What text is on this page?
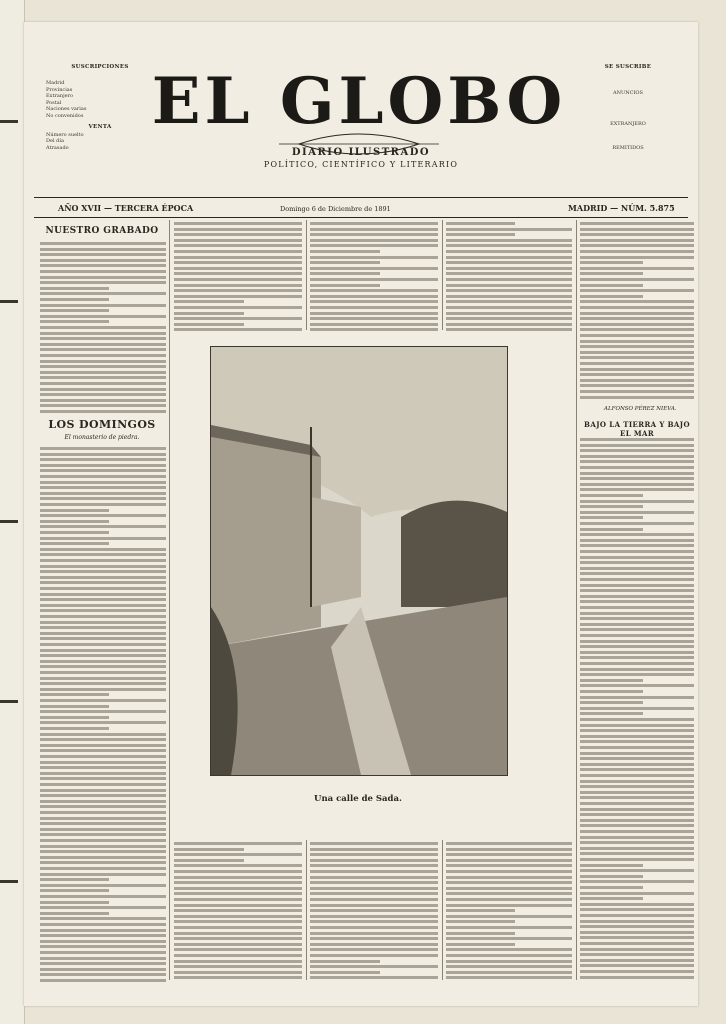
SUSCRIPCIONES
Madrid
Provincias
Extranjero
Postal
Naciones varias
No convenidos
VENTA
Número suelto
Del día
Atrasado
EL GLOBO
DIARIO ILUSTRADO
POLÍTICO, CIENTÍFICO Y LITERARIO
SE SUSCRIBE
ANUNCIOS
EXTRANJERO
REMITIDOS
AÑO XVII — TERCERA ÉPOCA	Domingo 6 de Diciembre de 1891	MADRID — NÚM. 5.875
NUESTRO GRABADO
LOS DOMINGOS
El monasterio de piedra.
BAJO LA TIERRA Y BAJO EL MAR
ALFONSO PÉREZ NIEVA.
Una calle de Sada.
